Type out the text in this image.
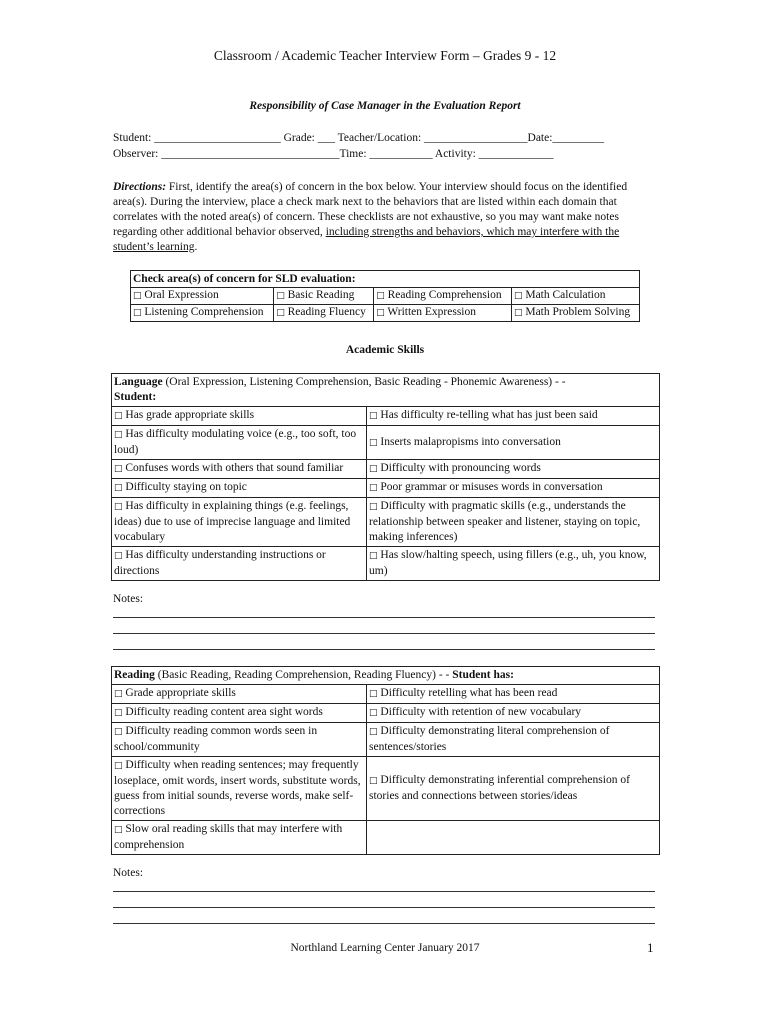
Classroom / Academic Teacher Interview Form – Grades 9 - 12
Responsibility of Case Manager in the Evaluation Report
Student: ______________________ Grade: ___ Teacher/Location: __________________Date:_________
Observer: _______________________________Time: ___________ Activity: _____________
Directions: First, identify the area(s) of concern in the box below. Your interview should focus on the identified area(s). During the interview, place a check mark next to the behaviors that are listed within each domain that correlates with the noted area(s) of concern. These checklists are not exhaustive, so you may want make notes regarding other additional behavior observed, including strengths and behaviors, which may interfere with the student’s learning.
Check area(s) of concern for SLD evaluation:			
□ Oral Expression	□ Basic Reading	□ Reading Comprehension	□ Math Calculation
□ Listening Comprehension	□ Reading Fluency	□ Written Expression	□ Math Problem Solving
Academic Skills
Language (Oral Expression, Listening Comprehension, Basic Reading - Phonemic Awareness) - -
Student:	
□ Has grade appropriate skills	□ Has difficulty re-telling what has just been said
□ Has difficulty modulating voice (e.g., too soft, too loud)	□ Inserts malapropisms into conversation
□ Confuses words with others that sound familiar	□ Difficulty with pronouncing words
□ Difficulty staying on topic	□ Poor grammar or misuses words in conversation
□ Has difficulty in explaining things (e.g. feelings, ideas) due to use of imprecise language and limited vocabulary	□ Difficulty with pragmatic skills (e.g., understands the relationship between speaker and listener, staying on topic, making inferences)
□ Has difficulty understanding instructions or directions	□ Has slow/halting speech, using fillers (e.g., uh, you know, um)
Notes:
Reading (Basic Reading, Reading Comprehension, Reading Fluency) - - Student has:	
□ Grade appropriate skills	□ Difficulty retelling what has been read
□ Difficulty reading content area sight words	□ Difficulty with retention of new vocabulary
□ Difficulty reading common words seen in school/community	□ Difficulty demonstrating literal comprehension of sentences/stories
□ Difficulty when reading sentences; may frequently loseplace, omit words, insert words, substitute words, guess from initial sounds, reverse words, make self- corrections	□ Difficulty demonstrating inferential comprehension of stories and connections between stories/ideas
□ Slow oral reading skills that may interfere with comprehension	
Notes:
Northland Learning Center January 2017	1
